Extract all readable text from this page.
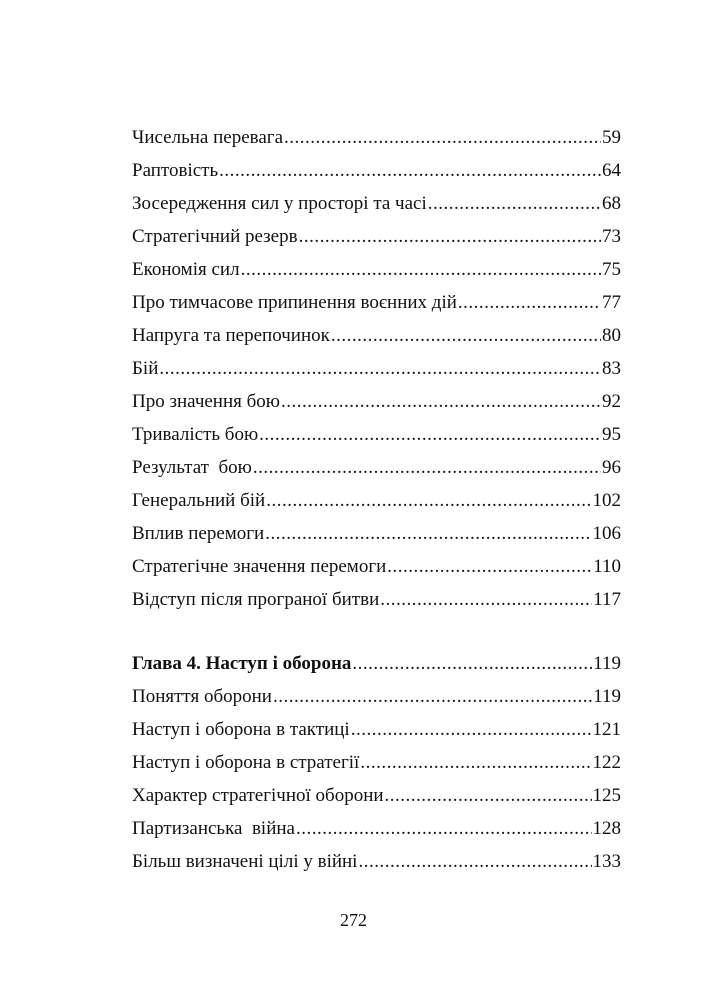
Чисельна перевага .....	59
Раптовість .....	64
Зосередження сил у просторі та часі .....	68
Стратегічний резерв .....	73
Економія сил .....	75
Про тимчасове припинення воєнних дій .....	77
Напруга та перепочинок .....	80
Бій .....	83
Про значення бою .....	92
Тривалість бою .....	95
Результат  бою .....	96
Генеральний бій .....	102
Вплив перемоги .....	106
Стратегічне значення перемоги .....	110
Відступ після програної битви .....	117
Глава 4. Наступ і оборона .....	119
Поняття оборони .....	119
Наступ і оборона в тактиці .....	121
Наступ і оборона в стратегії .....	122
Характер стратегічної оборони .....	125
Партизанська  війна .....	128
Більш визначені цілі у війні .....	133
272
